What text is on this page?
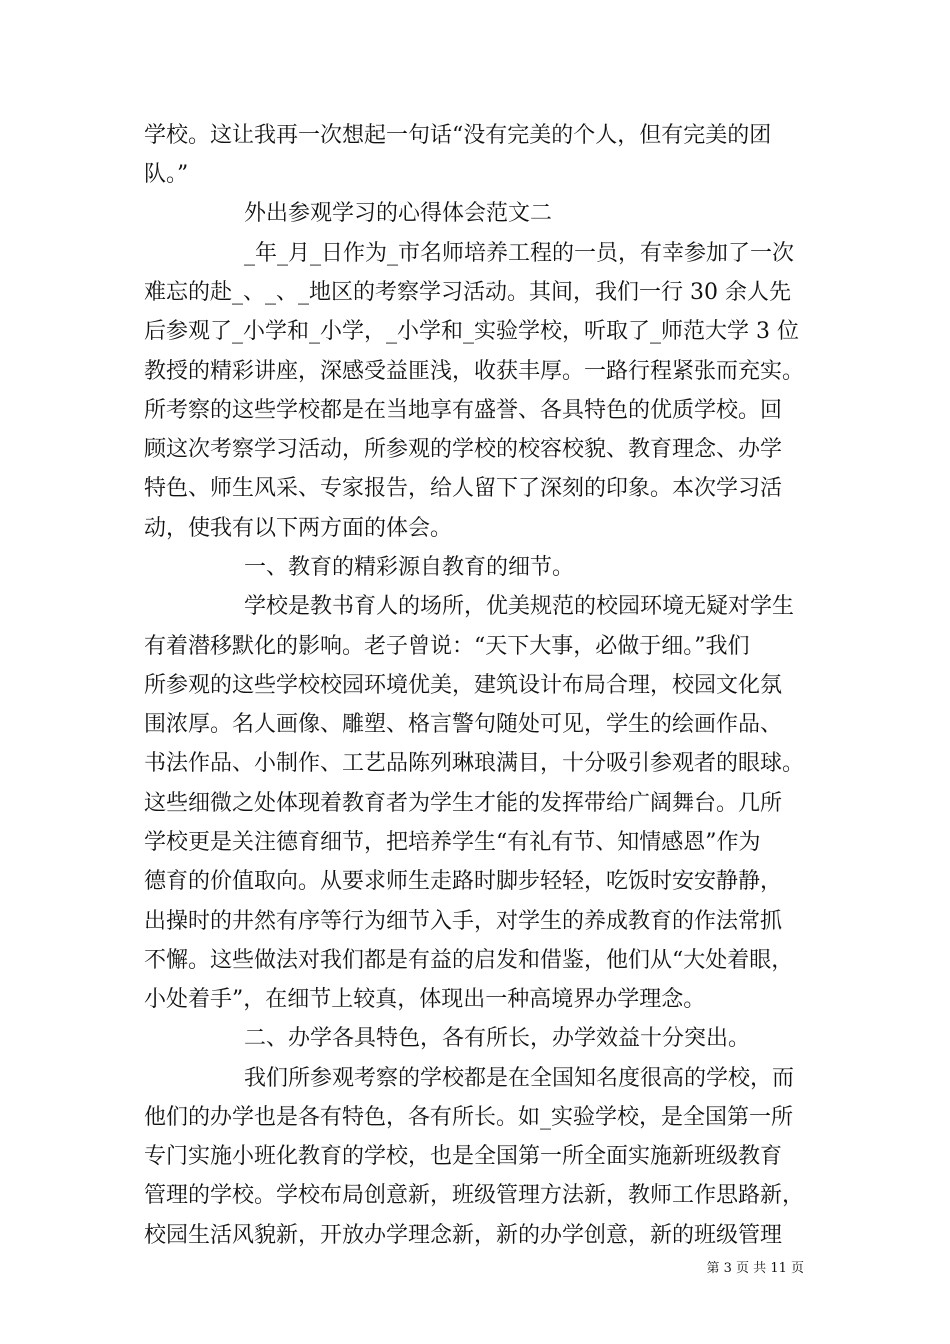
学校。这让我再一次想起一句话“没有完美的个人，但有完美的团
队。”
外出参观学习的心得体会范文二
_年_月_日作为_市名师培养工程的一员，有幸参加了一次
难忘的赴_、_、_地区的考察学习活动。其间，我们一行 30 余人先
后参观了_小学和_小学，_小学和_实验学校，听取了_师范大学 3 位
教授的精彩讲座，深感受益匪浅，收获丰厚。一路行程紧张而充实。
所考察的这些学校都是在当地享有盛誉、各具特色的优质学校。回
顾这次考察学习活动，所参观的学校的校容校貌、教育理念、办学
特色、师生风采、专家报告，给人留下了深刻的印象。本次学习活
动，使我有以下两方面的体会。
一、教育的精彩源自教育的细节。
学校是教书育人的场所，优美规范的校园环境无疑对学生
有着潜移默化的影响。老子曾说：“天下大事，必做于细。”我们
所参观的这些学校校园环境优美，建筑设计布局合理，校园文化氛
围浓厚。名人画像、雕塑、格言警句随处可见，学生的绘画作品、
书法作品、小制作、工艺品陈列琳琅满目，十分吸引参观者的眼球。
这些细微之处体现着教育者为学生才能的发挥带给广阔舞台。几所
学校更是关注德育细节，把培养学生“有礼有节、知情感恩”作为
德育的价值取向。从要求师生走路时脚步轻轻，吃饭时安安静静，
出操时的井然有序等行为细节入手，对学生的养成教育的作法常抓
不懈。这些做法对我们都是有益的启发和借鉴，他们从“大处着眼，
小处着手”，在细节上较真，体现出一种高境界办学理念。
二、办学各具特色，各有所长，办学效益十分突出。
我们所参观考察的学校都是在全国知名度很高的学校，而
他们的办学也是各有特色，各有所长。如_实验学校，是全国第一所
专门实施小班化教育的学校，也是全国第一所全面实施新班级教育
管理的学校。学校布局创意新，班级管理方法新，教师工作思路新，
校园生活风貌新，开放办学理念新，新的办学创意，新的班级管理
第 3 页 共 11 页
